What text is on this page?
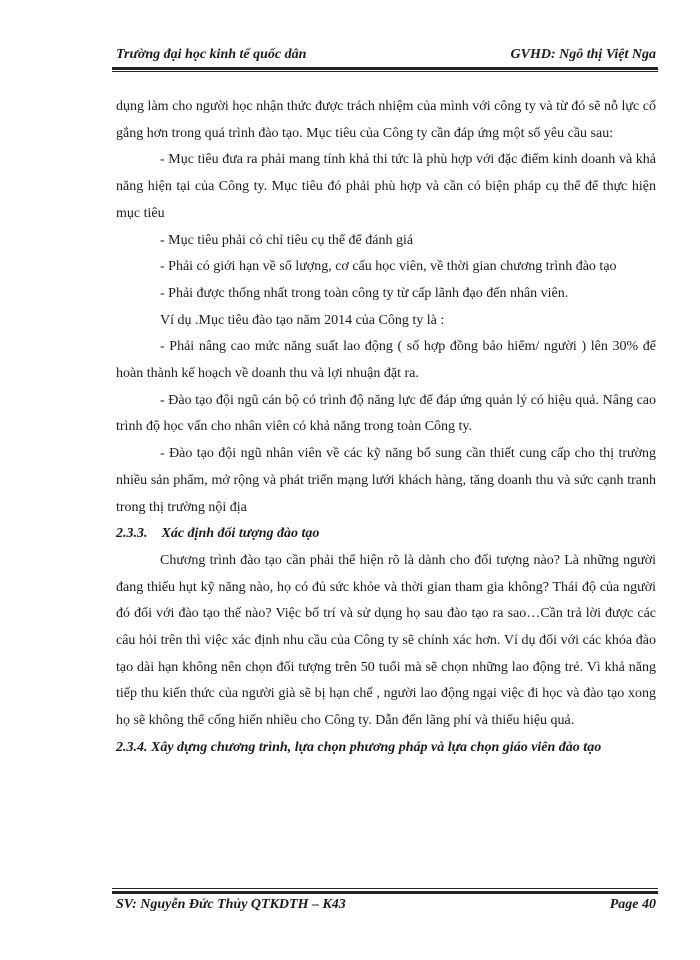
Trường đại học kinh tế quốc dân	GVHD: Ngô thị Việt Nga

dụng làm cho người học nhận thức được trách nhiệm của mình với công ty và từ đó sẽ nỗ lực cố gắng hơn trong quá trình đào tạo. Mục tiêu của Công ty cần đáp ứng một số yêu cầu sau:

- Mục tiêu đưa ra phải mang tính khả thi tức là phù hợp với đặc điểm kinh doanh và khả năng hiện tại của Công ty. Mục tiêu đó phải phù hợp và cần có biện pháp cụ thể để thực hiện mục tiêu

- Mục tiêu phải có chỉ tiêu cụ thể để đánh giá

- Phải có giới hạn về số lượng, cơ cấu học viên, về thời gian chương trình đào tạo

- Phải được thống nhất trong toàn công ty từ cấp lãnh đạo đến nhân viên.

Ví dụ .Mục tiêu đào tạo năm 2014 của Công ty là :

- Phải nâng cao mức năng suất lao động ( số hợp đồng bảo hiểm/ người ) lên 30% để hoàn thành kế hoạch về doanh thu và lợi nhuận đặt ra.

- Đào tạo đội ngũ cán bộ có trình độ năng lực để đáp ứng quản lý có hiệu quả. Nâng cao trình độ học vấn cho nhân viên có khả năng trong toàn Công ty.

- Đào tạo đội ngũ nhân viên về các kỹ năng bổ sung cần thiết cung cấp cho thị trường nhiều sản phẩm, mở rộng và phát triển mạng lưới khách hàng, tăng doanh thu và sức cạnh tranh trong thị trường nội địa

2.3.3. Xác định đối tượng đào tạo

Chương trình đào tạo cần phải thể hiện rõ là dành cho đối tượng nào? Là những người đang thiếu hụt kỹ năng nào, họ có đủ sức khỏe và thời gian tham gia không? Thái độ của người đó đối với đào tạo thế nào? Việc bố trí và sử dụng họ sau đào tạo ra sao…Cần trả lời được các câu hỏi trên thì việc xác định nhu cầu của Công ty sẽ chính xác hơn. Ví dụ đối với các khóa đào tạo dài hạn không nên chọn đối tượng trên 50 tuổi mà sẽ chọn những lao động trẻ. Vì khả năng tiếp thu kiến thức của người già sẽ bị hạn chế , người lao động ngại việc đi học và đào tạo xong họ sẽ không thể cống hiến nhiều cho Công ty. Dẫn đến lãng phí và thiếu hiệu quả.

2.3.4. Xây dựng chương trình, lựa chọn phương pháp và lựa chọn giáo viên đào tạo

SV: Nguyễn Đức Thủy QTKDTH – K43	Page 40
